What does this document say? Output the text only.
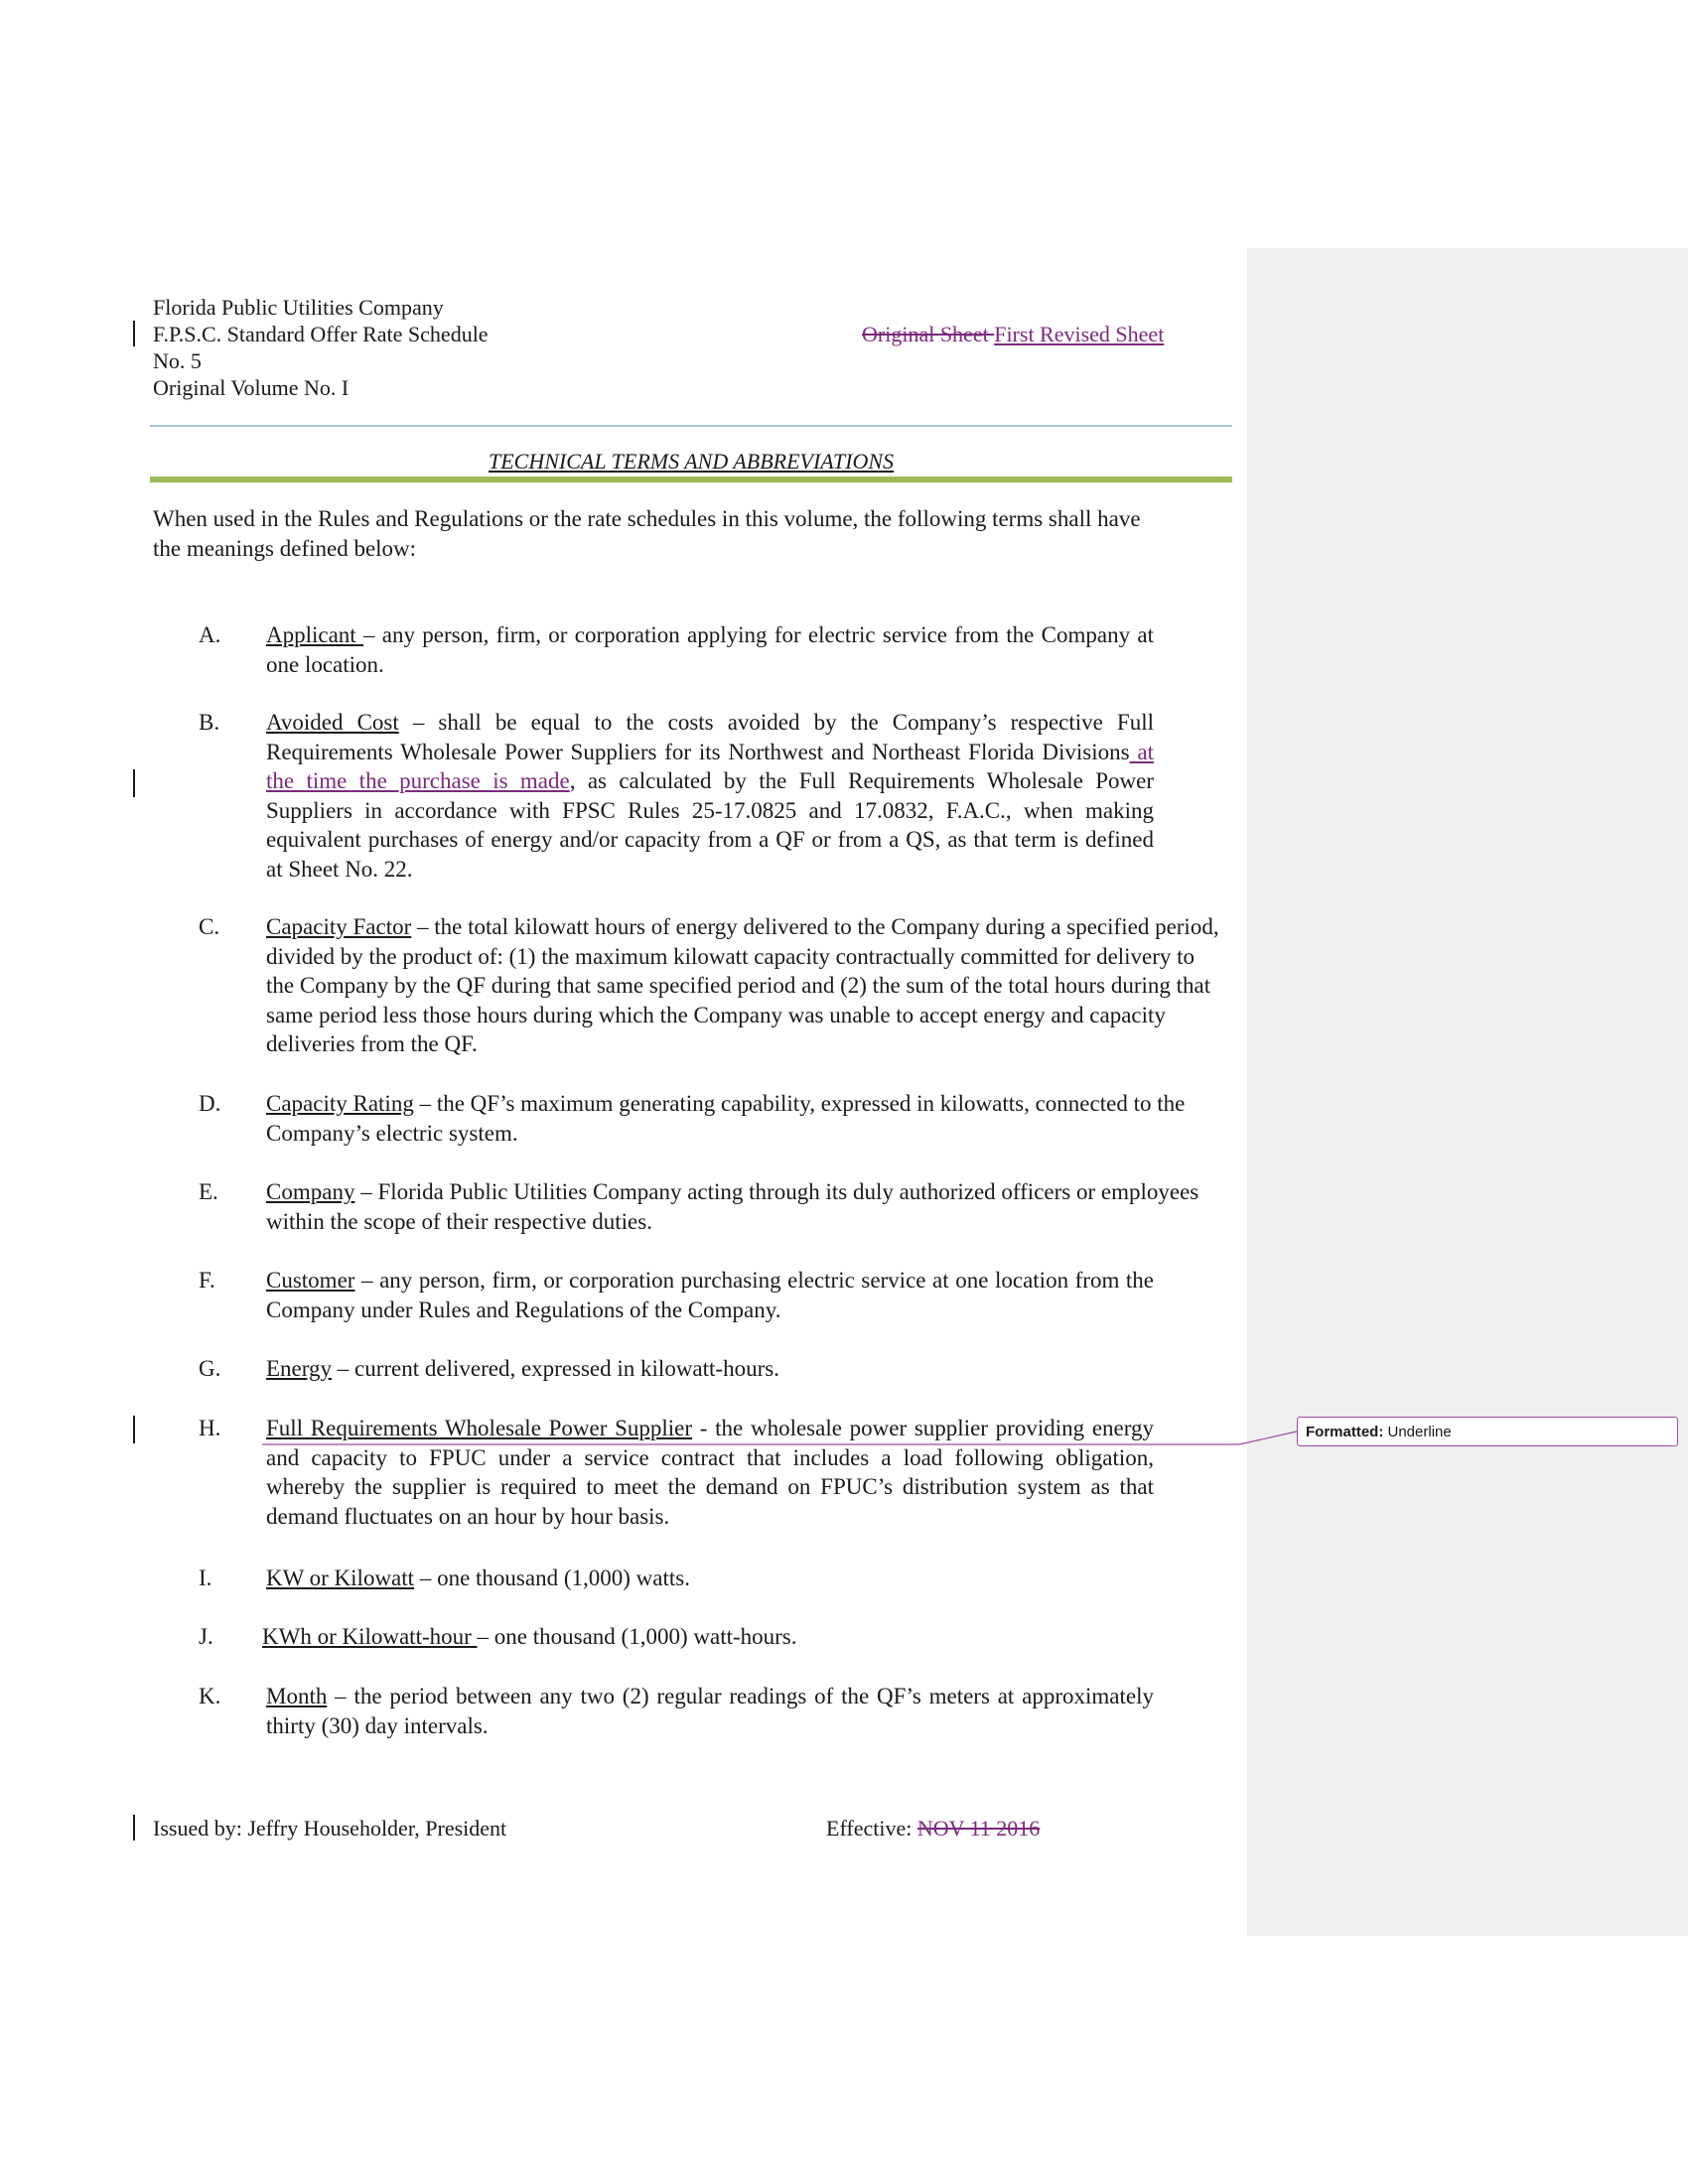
Florida Public Utilities Company
F.P.S.C. Standard Offer Rate Schedule
No. 5
Original Volume No. I
Original Sheet First Revised Sheet
TECHNICAL TERMS AND ABBREVIATIONS
When used in the Rules and Regulations or the rate schedules in this volume, the following terms shall have the meanings defined below:
A. Applicant – any person, firm, or corporation applying for electric service from the Company at one location.
B. Avoided Cost – shall be equal to the costs avoided by the Company’s respective Full Requirements Wholesale Power Suppliers for its Northwest and Northeast Florida Divisions at the time the purchase is made, as calculated by the Full Requirements Wholesale Power Suppliers in accordance with FPSC Rules 25-17.0825 and 17.0832, F.A.C., when making equivalent purchases of energy and/or capacity from a QF or from a QS, as that term is defined at Sheet No. 22.
C. Capacity Factor – the total kilowatt hours of energy delivered to the Company during a specified period, divided by the product of: (1) the maximum kilowatt capacity contractually committed for delivery to the Company by the QF during that same specified period and (2) the sum of the total hours during that same period less those hours during which the Company was unable to accept energy and capacity deliveries from the QF.
D. Capacity Rating – the QF’s maximum generating capability, expressed in kilowatts, connected to the Company’s electric system.
E. Company – Florida Public Utilities Company acting through its duly authorized officers or employees within the scope of their respective duties.
F. Customer – any person, firm, or corporation purchasing electric service at one location from the Company under Rules and Regulations of the Company.
G. Energy – current delivered, expressed in kilowatt-hours.
H. Full Requirements Wholesale Power Supplier - the wholesale power supplier providing energy and capacity to FPUC under a service contract that includes a load following obligation, whereby the supplier is required to meet the demand on FPUC’s distribution system as that demand fluctuates on an hour by hour basis.
I. KW or Kilowatt – one thousand (1,000) watts.
J. KWh or Kilowatt-hour – one thousand (1,000) watt-hours.
K. Month – the period between any two (2) regular readings of the QF’s meters at approximately thirty (30) day intervals.
Issued by: Jeffry Householder, President	Effective: NOV 11 2016
Formatted: Underline
